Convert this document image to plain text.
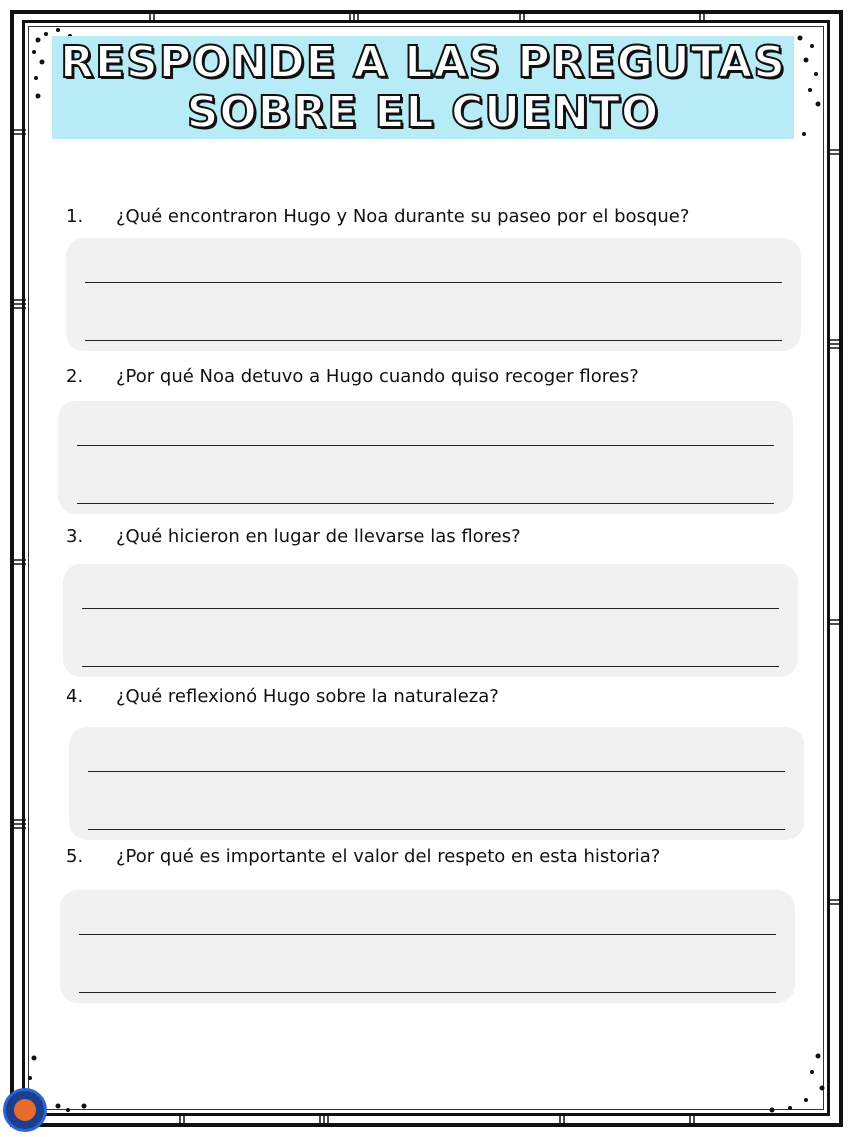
RESPONDE A LAS PREGUTAS
SOBRE EL CUENTO
1. ¿Qué encontraron Hugo y Noa durante su paseo por el bosque?
2. ¿Por qué Noa detuvo a Hugo cuando quiso recoger flores?
3. ¿Qué hicieron en lugar de llevarse las flores?
4. ¿Qué reflexionó Hugo sobre la naturaleza?
5. ¿Por qué es importante el valor del respeto en esta historia?
